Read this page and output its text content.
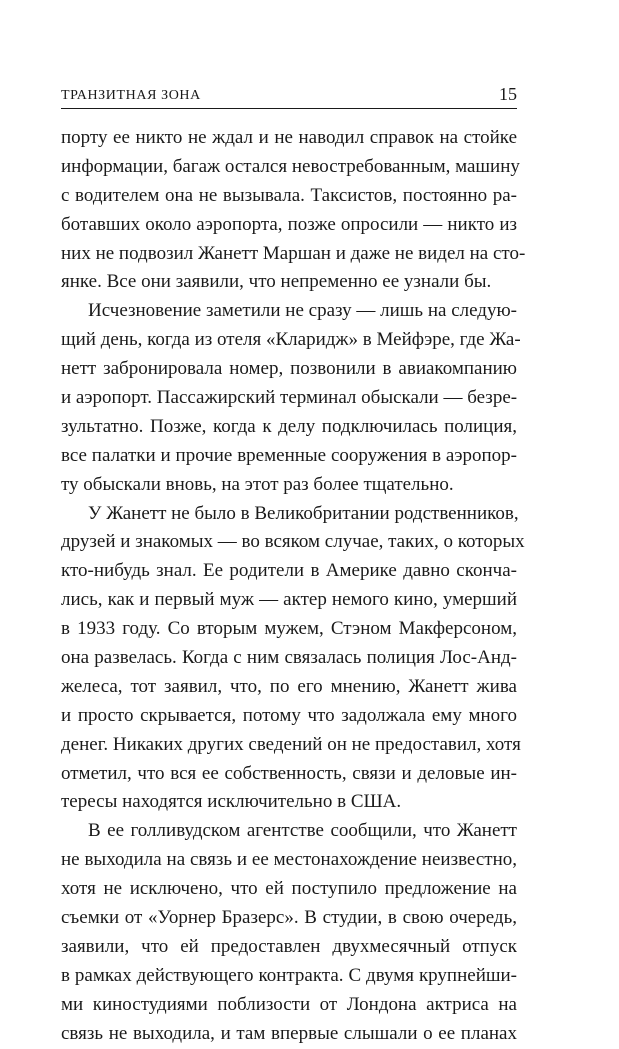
ТРАНЗИТНАЯ ЗОНА	15

порту ее никто не ждал и не наводил справок на стойке
информации, багаж остался невостребованным, машину
с водителем она не вызывала. Таксистов, постоянно ра-
ботавших около аэропорта, позже опросили — никто из
них не подвозил Жанетт Маршан и даже не видел на сто-
янке. Все они заявили, что непременно ее узнали бы.

Исчезновение заметили не сразу — лишь на следую-
щий день, когда из отеля «Кларидж» в Мейфэре, где Жа-
нетт забронировала номер, позвонили в авиакомпанию
и аэропорт. Пассажирский терминал обыскали — безре-
зультатно. Позже, когда к делу подключилась полиция,
все палатки и прочие временные сооружения в аэропор-
ту обыскали вновь, на этот раз более тщательно.

У Жанетт не было в Великобритании родственников,
друзей и знакомых — во всяком случае, таких, о которых
кто-нибудь знал. Ее родители в Америке давно скончa-
лись, как и первый муж — актер немого кино, умерший
в 1933 году. Со вторым мужем, Стэном Макферсоном,
она развелась. Когда с ним связалась полиция Лос-Анд-
желеса, тот заявил, что, по его мнению, Жанетт жива
и просто скрывается, потому что задолжала ему много
денег. Никаких других сведений он не предоставил, хотя
отметил, что вся ее собственность, связи и деловые ин-
тересы находятся исключительно в США.

В ее голливудском агентстве сообщили, что Жанетт
не выходила на связь и ее местонахождение неизвестно,
хотя не исключено, что ей поступило предложение на
съемки от «Уорнер Бразерс». В студии, в свою очередь,
заявили, что ей предоставлен двухмесячный отпуск
в рамках действующего контракта. С двумя крупнейши-
ми киностудиями поблизости от Лондона актриса на
связь не выходила, и там впервые слышали о ее планах
